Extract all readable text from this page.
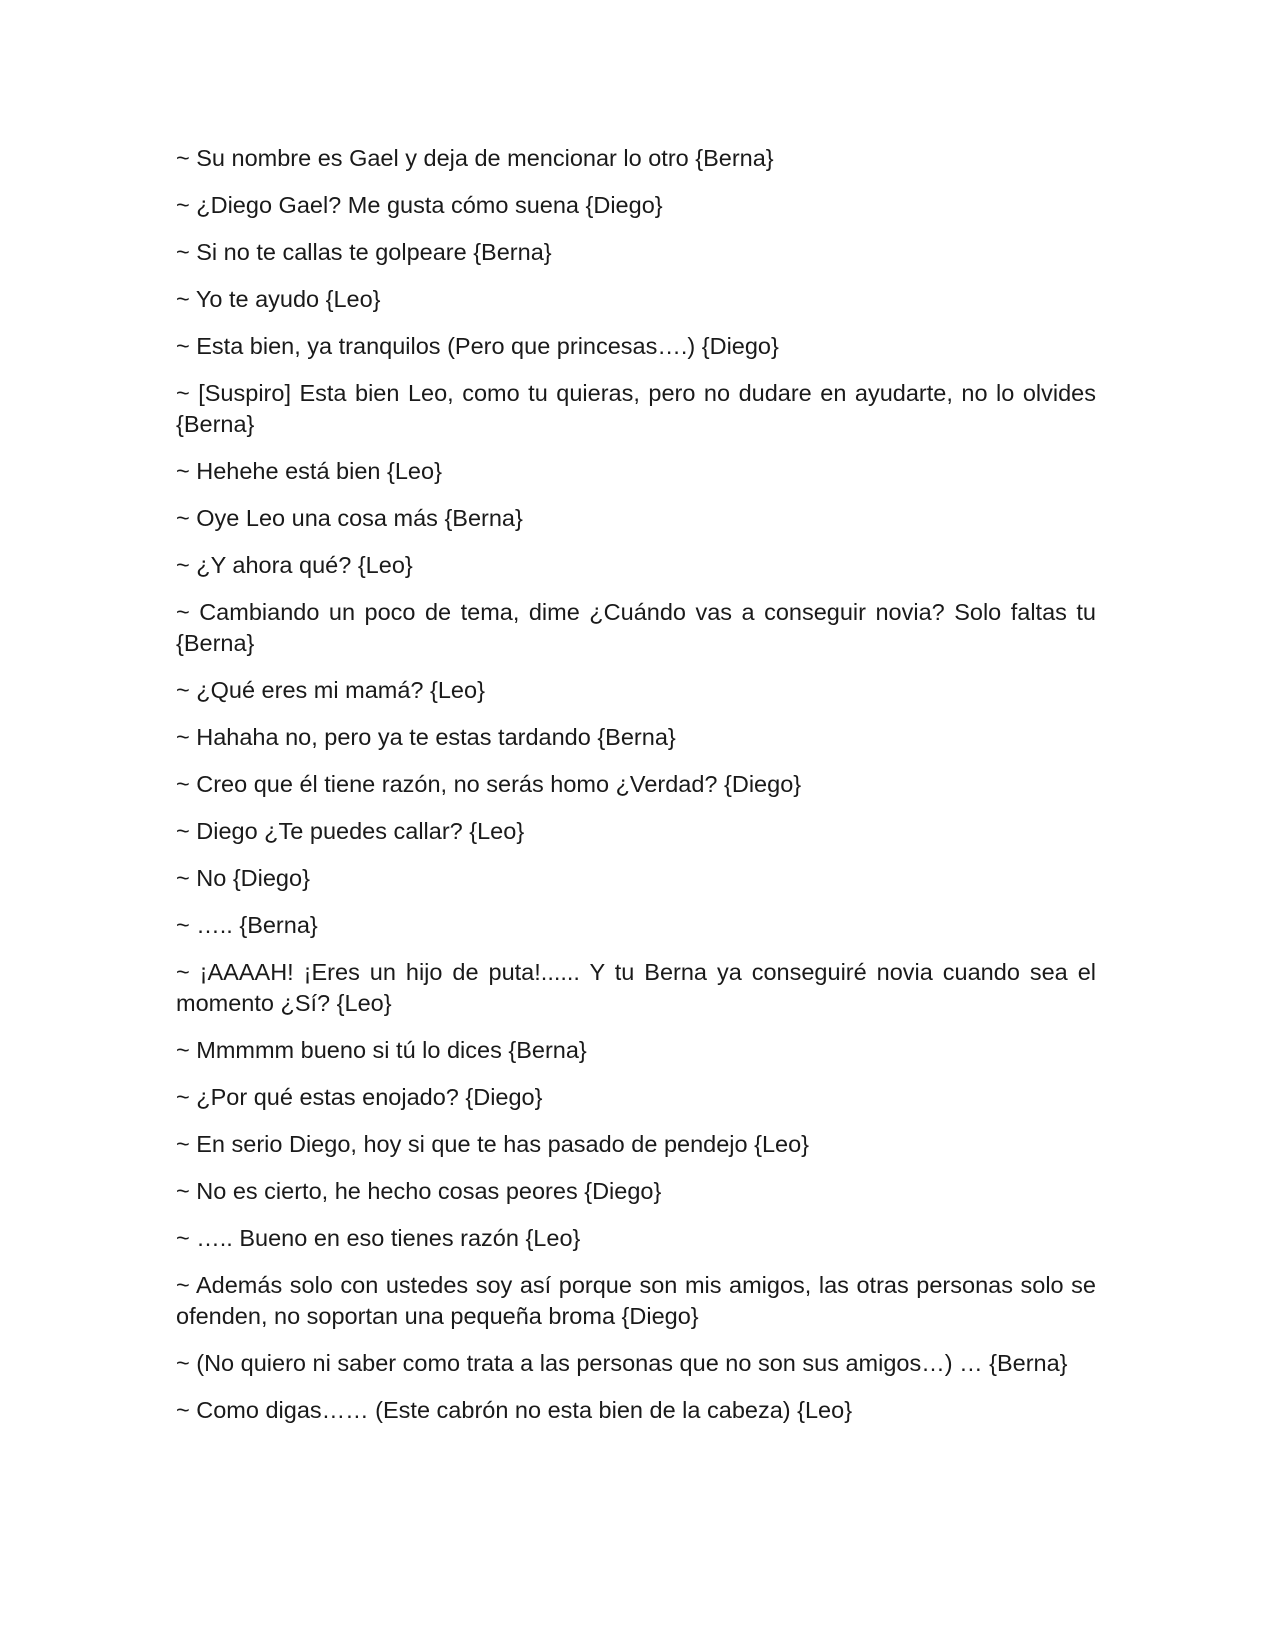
~ Su nombre es Gael y deja de mencionar lo otro {Berna}

~ ¿Diego Gael? Me gusta cómo suena {Diego}

~ Si no te callas te golpeare {Berna}

~ Yo te ayudo {Leo}

~ Esta bien, ya tranquilos (Pero que princesas….) {Diego}

~ [Suspiro] Esta bien Leo, como tu quieras, pero no dudare en ayudarte, no lo olvides {Berna}

~ Hehehe está bien {Leo}

~ Oye Leo una cosa más {Berna}

~ ¿Y ahora qué? {Leo}

~ Cambiando un poco de tema, dime ¿Cuándo vas a conseguir novia? Solo faltas tu {Berna}

~ ¿Qué eres mi mamá? {Leo}

~ Hahaha no, pero ya te estas tardando {Berna}

~ Creo que él tiene razón, no serás homo ¿Verdad? {Diego}

~ Diego ¿Te puedes callar? {Leo}

~ No {Diego}

~ ….. {Berna}

~ ¡AAAAH! ¡Eres un hijo de puta!...... Y tu Berna ya conseguiré novia cuando sea el momento ¿Sí? {Leo}

~ Mmmmm bueno si tú lo dices {Berna}

~ ¿Por qué estas enojado? {Diego}

~ En serio Diego, hoy si que te has pasado de pendejo {Leo}

~ No es cierto, he hecho cosas peores {Diego}

~ ….. Bueno en eso tienes razón {Leo}

~ Además solo con ustedes soy así porque son mis amigos, las otras personas solo se ofenden, no soportan una pequeña broma {Diego}

~ (No quiero ni saber como trata a las personas que no son sus amigos…) … {Berna}

~ Como digas…… (Este cabrón no esta bien de la cabeza) {Leo}
